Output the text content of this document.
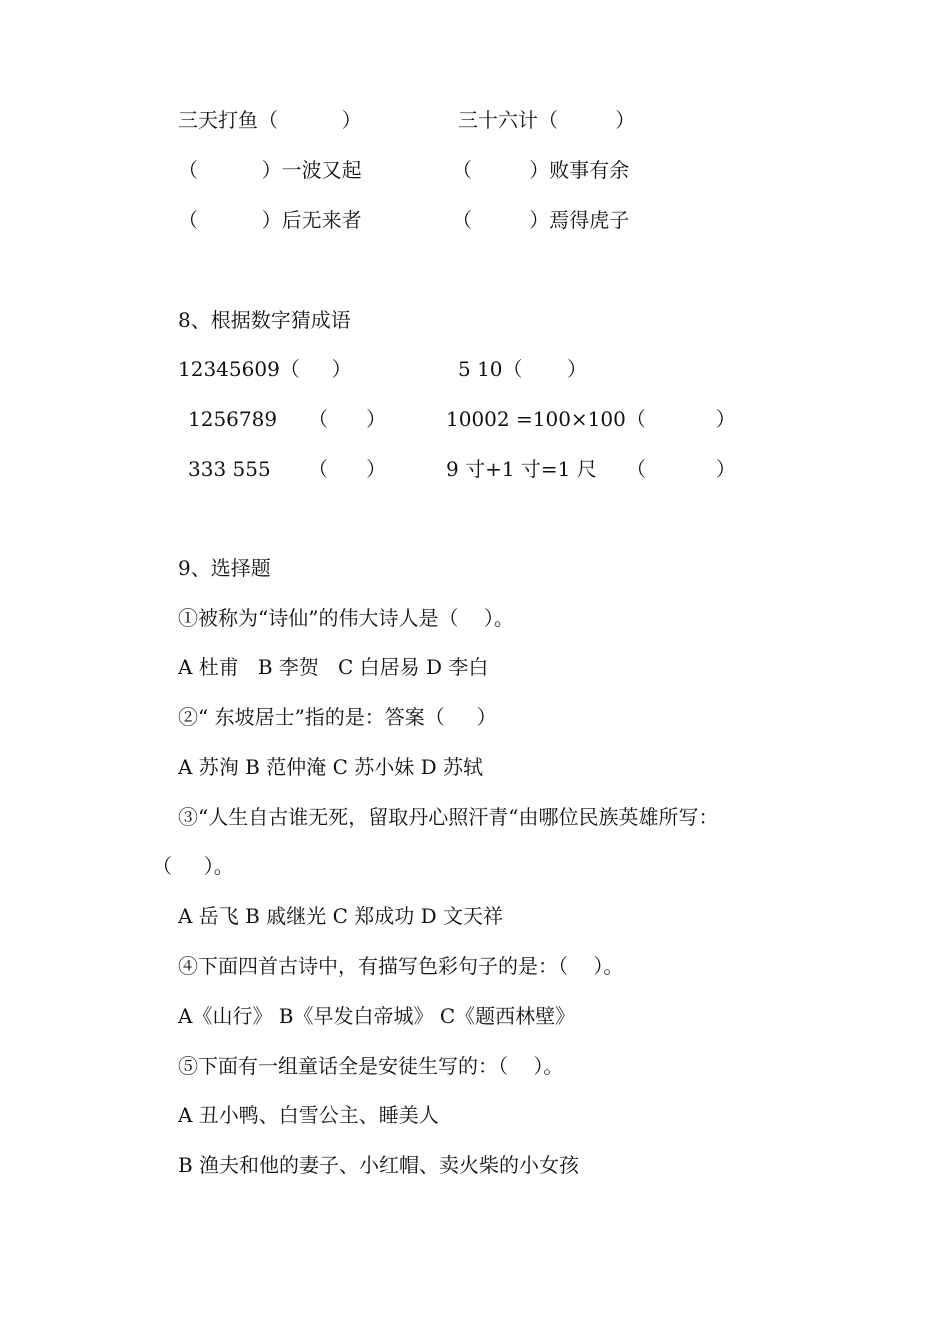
三天打鱼（          ）	三十六计（         ）
（          ）一波又起	（         ）败事有余
（          ）后无来者	（         ）焉得虎子
8、根据数字猜成语
12345609（     ）	5 10（       ）
1256789 （      ）	10002 =100×100（           ）
333 555 （      ）	9 寸+1 寸=1 尺 （           ）
9、选择题
①被称为“诗仙”的伟大诗人是（    ）。
A 杜甫   B 李贺   C 白居易 D 李白
②“ 东坡居士”指的是：答案（     ）
A 苏洵 B 范仲淹 C 苏小妹 D 苏轼
③“人生自古谁无死，留取丹心照汗青“由哪位民族英雄所写：
（     ）。
A 岳飞 B 戚继光 C 郑成功 D 文天祥
④下面四首古诗中，有描写色彩句子的是：（    ）。
A《山行》 B《早发白帝城》 C《题西林壁》
⑤下面有一组童话全是安徒生写的：（    ）。
A 丑小鸭、白雪公主、睡美人
B 渔夫和他的妻子、小红帽、卖火柴的小女孩
